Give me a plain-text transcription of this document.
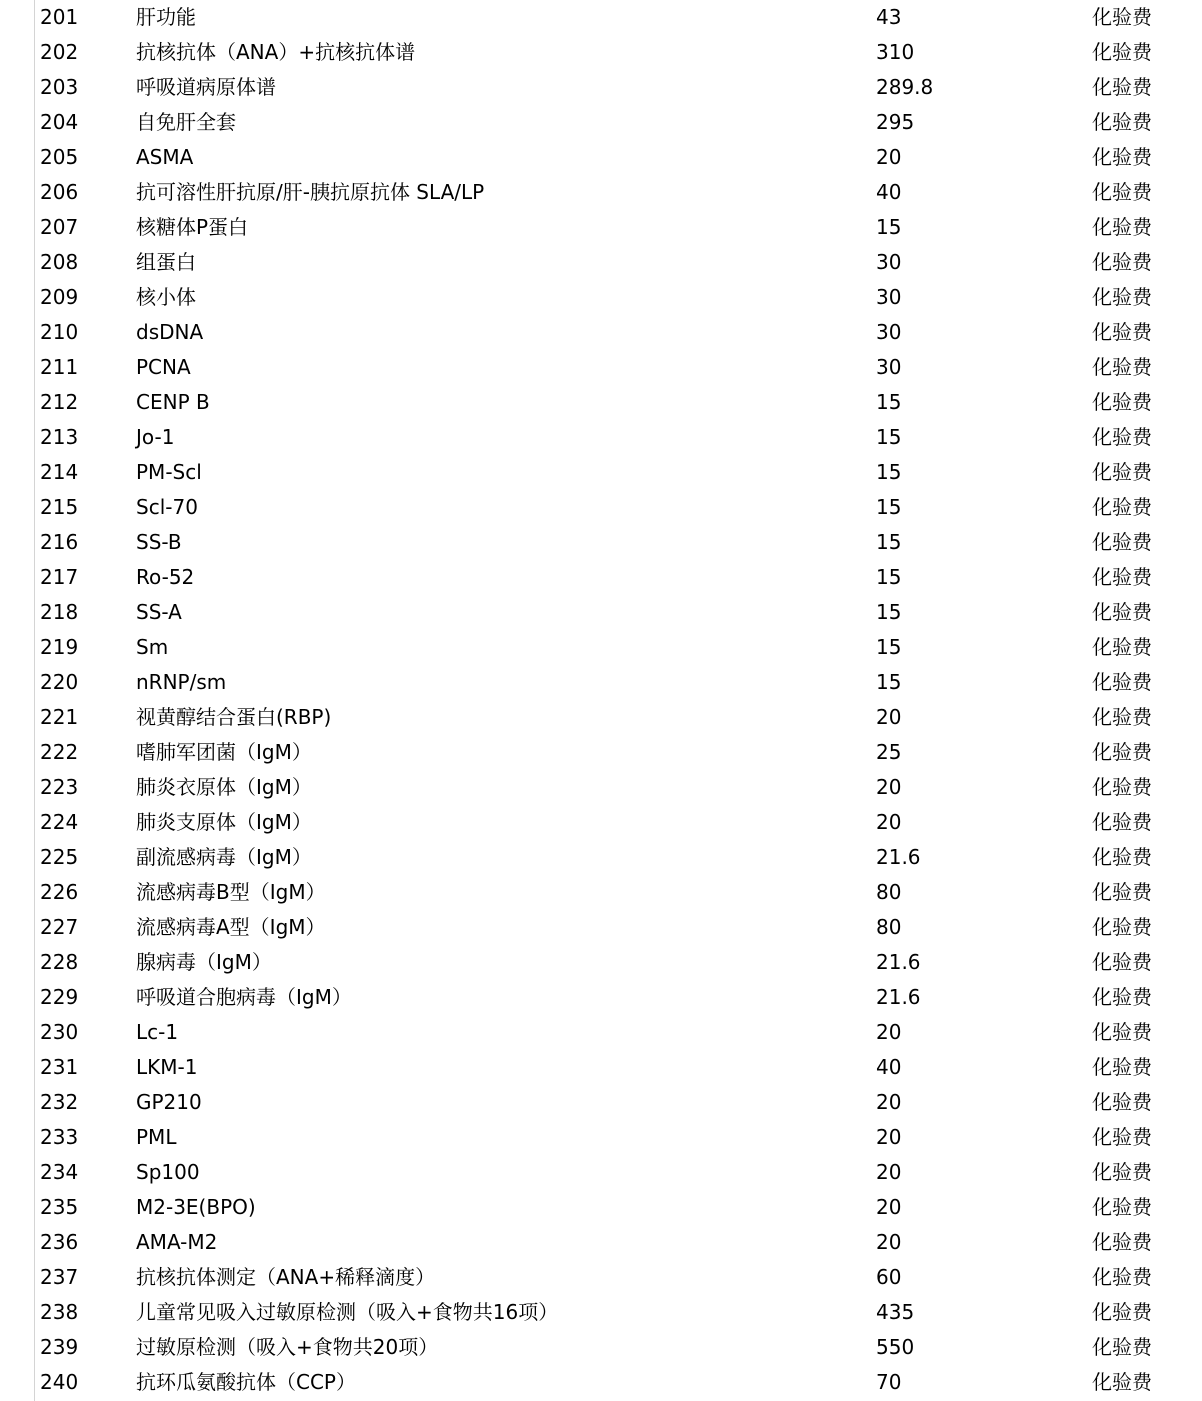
201	肝功能	43	化验费
202	抗核抗体（ANA）+抗核抗体谱	310	化验费
203	呼吸道病原体谱	289.8	化验费
204	自免肝全套	295	化验费
205	ASMA	20	化验费
206	抗可溶性肝抗原/肝-胰抗原抗体 SLA/LP	40	化验费
207	核糖体P蛋白	15	化验费
208	组蛋白	30	化验费
209	核小体	30	化验费
210	dsDNA	30	化验费
211	PCNA	30	化验费
212	CENP B	15	化验费
213	Jo-1	15	化验费
214	PM-Scl	15	化验费
215	Scl-70	15	化验费
216	SS-B	15	化验费
217	Ro-52	15	化验费
218	SS-A	15	化验费
219	Sm	15	化验费
220	nRNP/sm	15	化验费
221	视黄醇结合蛋白(RBP)	20	化验费
222	嗜肺军团菌（IgM）	25	化验费
223	肺炎衣原体（IgM）	20	化验费
224	肺炎支原体（IgM）	20	化验费
225	副流感病毒（IgM）	21.6	化验费
226	流感病毒B型（IgM）	80	化验费
227	流感病毒A型（IgM）	80	化验费
228	腺病毒（IgM）	21.6	化验费
229	呼吸道合胞病毒（IgM）	21.6	化验费
230	Lc-1	20	化验费
231	LKM-1	40	化验费
232	GP210	20	化验费
233	PML	20	化验费
234	Sp100	20	化验费
235	M2-3E(BPO)	20	化验费
236	AMA-M2	20	化验费
237	抗核抗体测定（ANA+稀释滴度）	60	化验费
238	儿童常见吸入过敏原检测（吸入+食物共16项）	435	化验费
239	过敏原检测（吸入+食物共20项）	550	化验费
240	抗环瓜氨酸抗体（CCP）	70	化验费
